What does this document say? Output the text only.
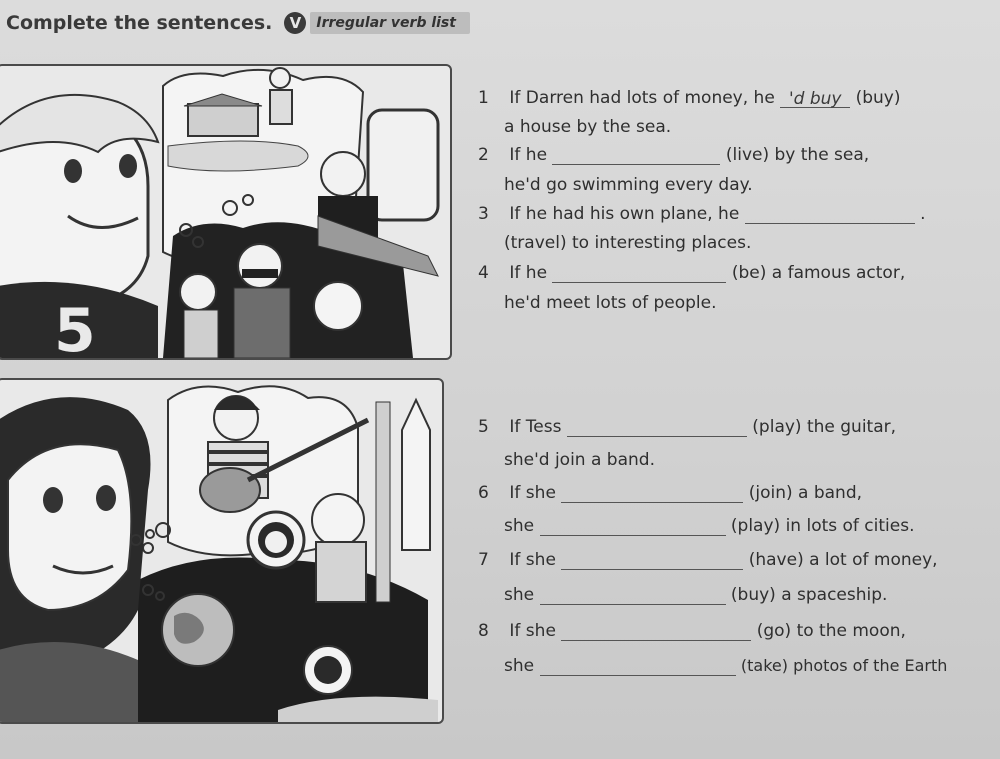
Complete the sentences.	V	Irregular verb list
5
1 If Darren had lots of money, he 'd buy (buy)
a house by the sea.
2 If he	(live) by the sea,
he'd go swimming every day.
3 If he had his own plane, he	.
(travel) to interesting places.
4 If he	(be) a famous actor,
he'd meet lots of people.
5 If Tess	(play) the guitar,
she'd join a band.
6 If she	(join) a band,
she	(play) in lots of cities.
7 If she	(have) a lot of money,
she	(buy) a spaceship.
8 If she	(go) to the moon,
she	(take) photos of the Earth
